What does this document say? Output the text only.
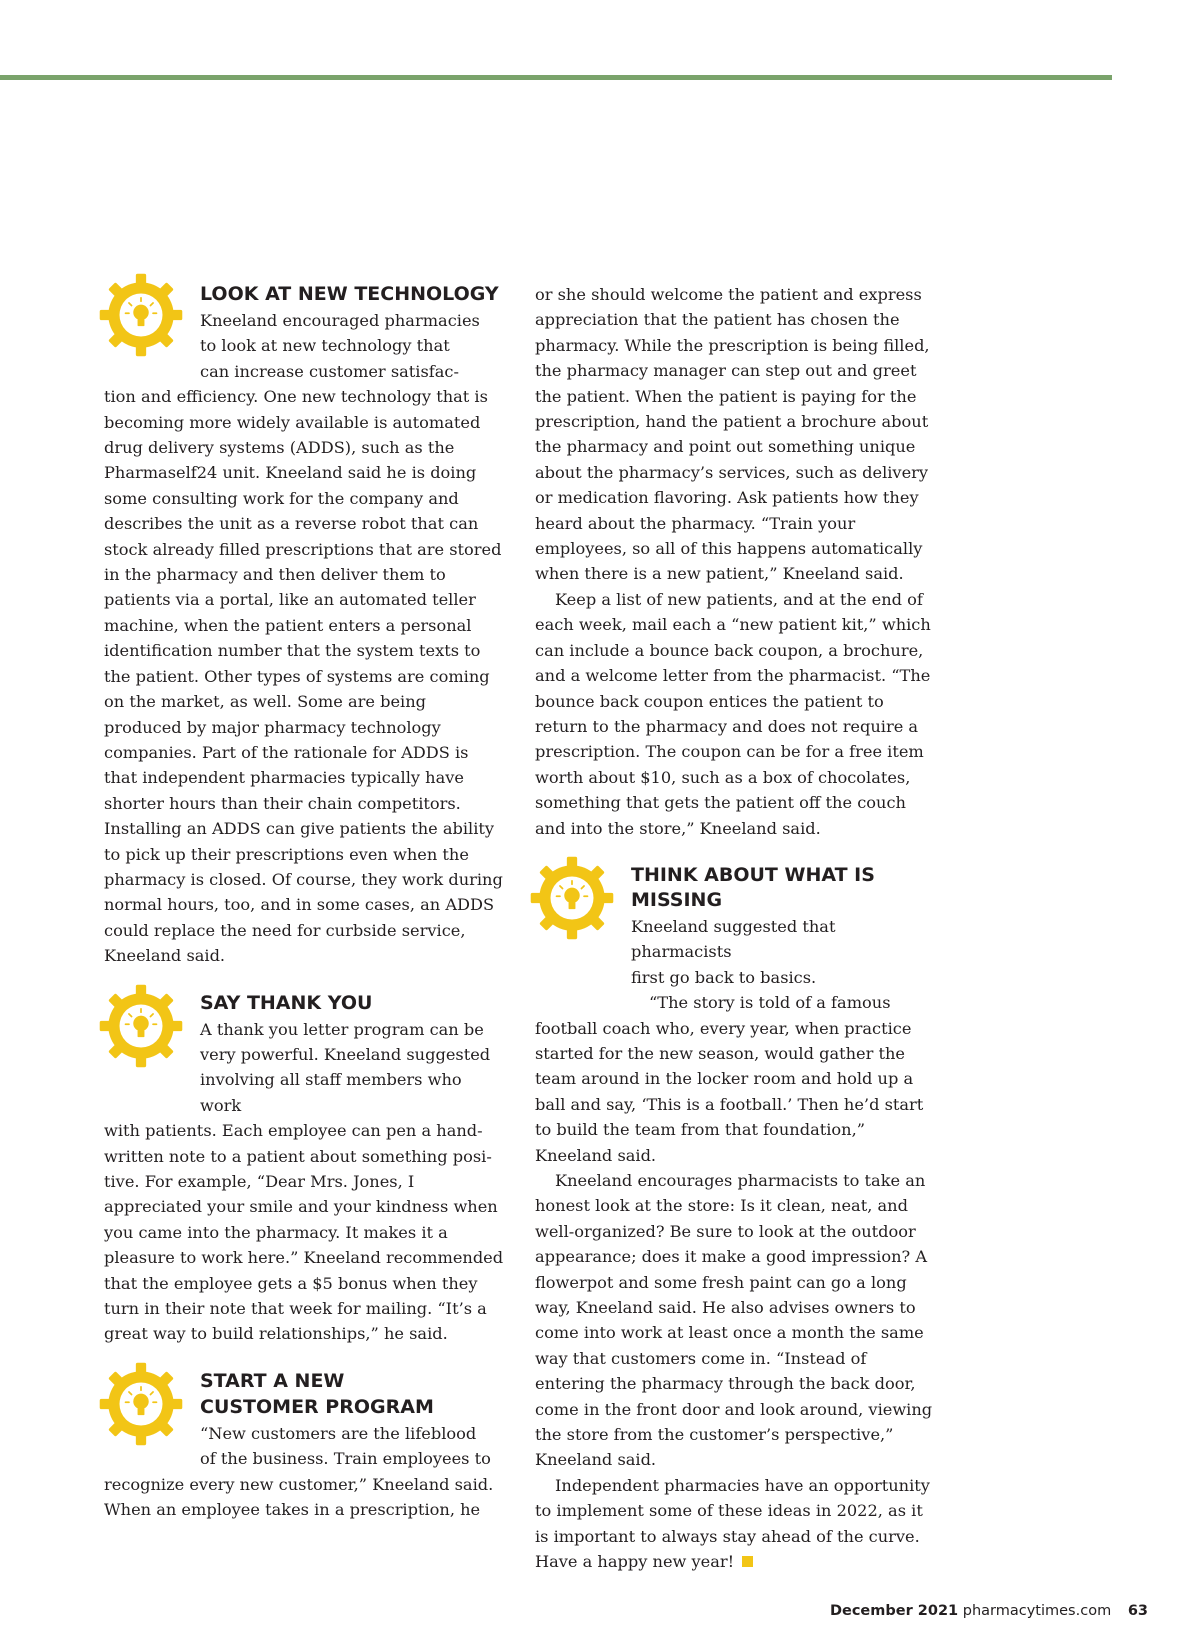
LOOK AT NEW TECHNOLOGY

Kneeland encouraged pharmacies

to look at new technology that

can increase customer satisfac-

tion and efficiency. One new technology that is becoming more widely available is automated drug delivery systems (ADDS), such as the Pharmaself24 unit. Kneeland said he is doing some consulting work for the company and describes the unit as a reverse robot that can stock already filled prescriptions that are stored in the pharmacy and then deliver them to patients via a portal, like an automated teller machine, when the patient enters a personal identification number that the system texts to the patient. Other types of systems are coming on the market, as well. Some are being produced by major pharmacy technology companies. Part of the rationale for ADDS is that independent pharmacies typically have shorter hours than their chain competitors. Installing an ADDS can give patients the ability to pick up their prescriptions even when the pharmacy is closed. Of course, they work during normal hours, too, and in some cases, an ADDS could replace the need for curbside service, Kneeland said.

SAY THANK YOU

A thank you letter program can be

very powerful. Kneeland suggested

involving all staff members who work

with patients. Each employee can pen a handwritten note to a patient about something positive. For example, “Dear Mrs. Jones, I appreciated your smile and your kindness when you came into the pharmacy. It makes it a pleasure to work here.” Kneeland recommended that the employee gets a $5 bonus when they turn in their note that week for mailing. “It’s a great way to build relationships,” he said.

START A NEW
CUSTOMER PROGRAM

“New customers are the lifeblood

of the business. Train employees to

recognize every new customer,” Kneeland said. When an employee takes in a prescription, he

or she should welcome the patient and express appreciation that the patient has chosen the pharmacy. While the prescription is being filled, the pharmacy manager can step out and greet the patient. When the patient is paying for the prescription, hand the patient a brochure about the pharmacy and point out something unique about the pharmacy’s services, such as delivery or medication flavoring. Ask patients how they heard about the pharmacy. “Train your employees, so all of this happens automatically when there is a new patient,” Kneeland said.

Keep a list of new patients, and at the end of each week, mail each a “new patient kit,” which can include a bounce back coupon, a brochure, and a welcome letter from the pharmacist. “The bounce back coupon entices the patient to return to the pharmacy and does not require a prescription. The coupon can be for a free item worth about $10, such as a box of chocolates, something that gets the patient off the couch and into the store,” Kneeland said.

THINK ABOUT WHAT IS MISSING

Kneeland suggested that pharmacists

first go back to basics.

“The story is told of a famous

football coach who, every year, when practice started for the new season, would gather the team around in the locker room and hold up a ball and say, ‘This is a football.’ Then he’d start to build the team from that foundation,” Kneeland said.

Kneeland encourages pharmacists to take an honest look at the store: Is it clean, neat, and well-organized? Be sure to look at the outdoor appearance; does it make a good impression? A flowerpot and some fresh paint can go a long way, Kneeland said. He also advises owners to come into work at least once a month the same way that customers come in. “Instead of entering the pharmacy through the back door, come in the front door and look around, viewing the store from the customer’s perspective,” Kneeland said.

Independent pharmacies have an opportunity to implement some of these ideas in 2022, as it is important to always stay ahead of the curve. Have a happy new year!

December 2021 pharmacytimes.com 63
